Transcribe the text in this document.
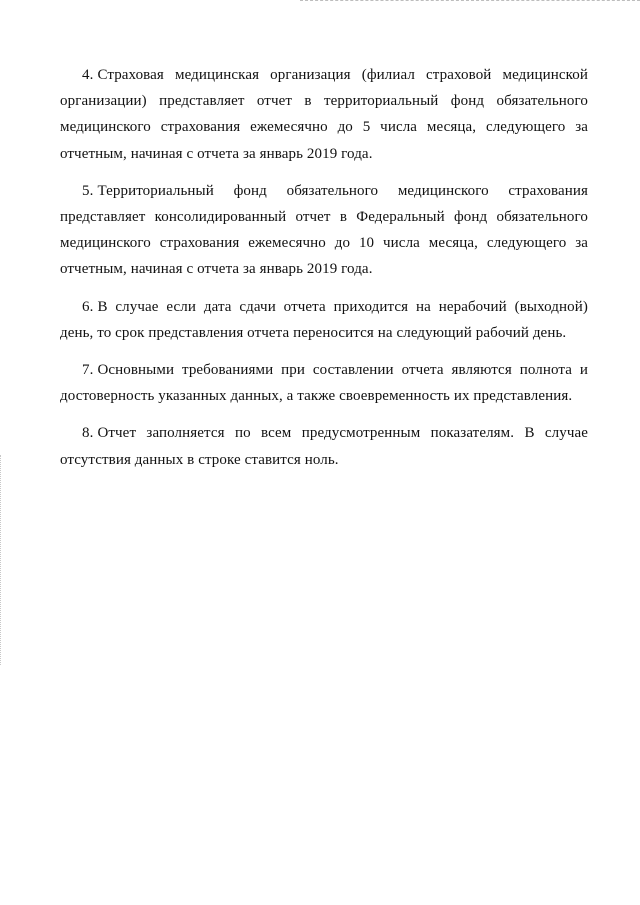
4. Страховая медицинская организация (филиал страховой медицинской организации) представляет отчет в территориальный фонд обязательного медицинского страхования ежемесячно до 5 числа месяца, следующего за отчетным, начиная с отчета за январь 2019 года.

5. Территориальный фонд обязательного медицинского страхования представляет консолидированный отчет в Федеральный фонд обязательного медицинского страхования ежемесячно до 10 числа месяца, следующего за отчетным, начиная с отчета за январь 2019 года.

6. В случае если дата сдачи отчета приходится на нерабочий (выходной) день, то срок представления отчета переносится на следующий рабочий день.

7. Основными требованиями при составлении отчета являются полнота и достоверность указанных данных, а также своевременность их представления.

8. Отчет заполняется по всем предусмотренным показателям. В случае отсутствия данных в строке ставится ноль.
